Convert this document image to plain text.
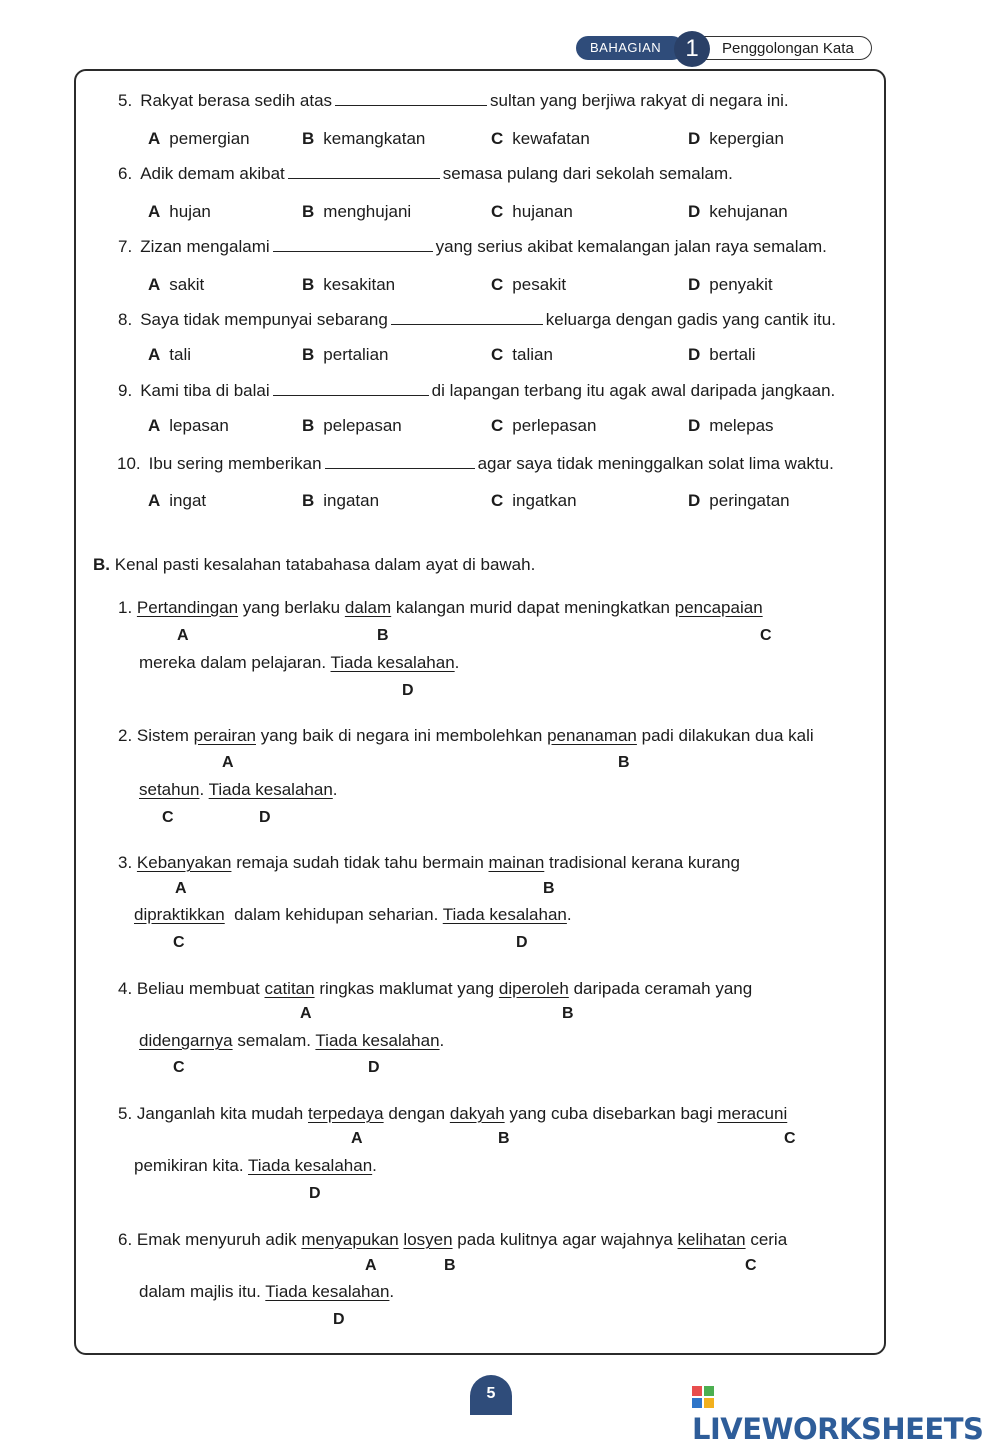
BAHAGIAN	Penggolongan Kata
1
5. Rakyat berasa sedih atas	sultan yang berjiwa rakyat di negara ini.
A pemergian	B kemangkatan	C kewafatan	D kepergian
6. Adik demam akibat	semasa pulang dari sekolah semalam.
A hujan	B menghujani	C hujanan	D kehujanan
7. Zizan mengalami	yang serius akibat kemalangan jalan raya semalam.
A sakit	B kesakitan	C pesakit	D penyakit
8. Saya tidak mempunyai sebarang	keluarga dengan gadis yang cantik itu.
A tali	B pertalian	C talian	D bertali
9. Kami tiba di balai	di lapangan terbang itu agak awal daripada jangkaan.
A lepasan	B pelepasan	C perlepasan	D melepas
10. Ibu sering memberikan	agar saya tidak meninggalkan solat lima waktu.
A ingat	B ingatan	C ingatkan	D peringatan
B. Kenal pasti kesalahan tatabahasa dalam ayat di bawah.
1. Pertandingan yang berlaku dalam kalangan murid dapat meningkatkan pencapaian
A	B	C
mereka dalam pelajaran. Tiada kesalahan.
D
2. Sistem perairan yang baik di negara ini membolehkan penanaman padi dilakukan dua kali
A	B
setahun. Tiada kesalahan.
C	D
3. Kebanyakan remaja sudah tidak tahu bermain mainan tradisional kerana kurang
A	B
dipraktikkan dalam kehidupan seharian. Tiada kesalahan.
C	D
4. Beliau membuat catitan ringkas maklumat yang diperoleh daripada ceramah yang
A	B
didengarnya semalam. Tiada kesalahan.
C	D
5. Janganlah kita mudah terpedaya dengan dakyah yang cuba disebarkan bagi meracuni
A	B	C
pemikiran kita. Tiada kesalahan.
D
6. Emak menyuruh adik menyapukan losyen pada kulitnya agar wajahnya kelihatan ceria
A	B	C
dalam majlis itu. Tiada kesalahan.
D
5
LIVEWORKSHEETS
